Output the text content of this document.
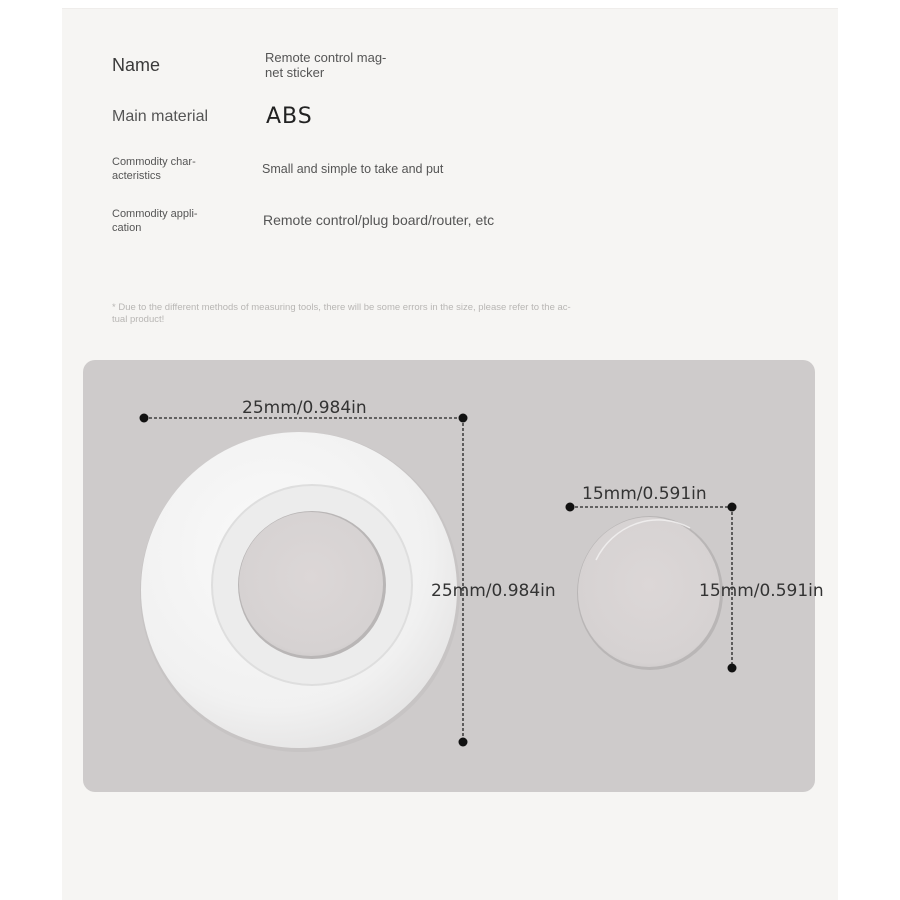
Name	Remote control mag-
net sticker
Main material	ABS
Commodity char-
acteristics	Small and simple to take and put
Commodity appli-
cation	Remote control/plug board/router, etc
* Due to the different methods of measuring tools, there will be some errors in the size, please refer to the ac-
tual product!
25mm/0.984in
25mm/0.984in
15mm/0.591in
15mm/0.591in
